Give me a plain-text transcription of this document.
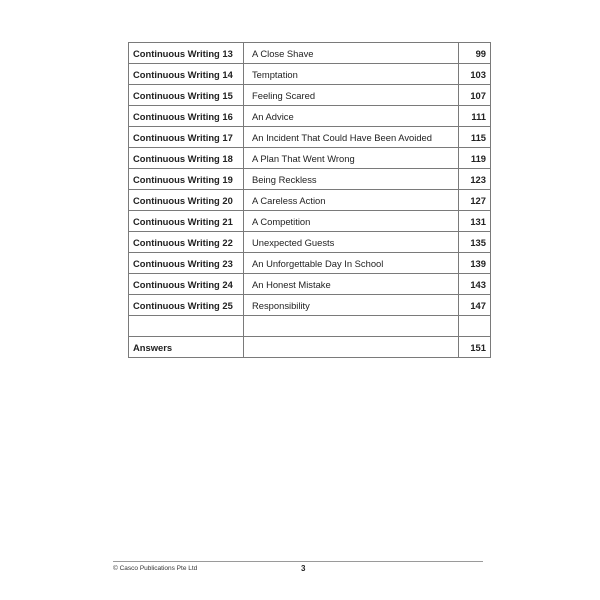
Continuous Writing 13	A Close Shave	99
Continuous Writing 14	Temptation	103
Continuous Writing 15	Feeling Scared	107
Continuous Writing 16	An Advice	111
Continuous Writing 17	An Incident That Could Have Been Avoided	115
Continuous Writing 18	A Plan That Went Wrong	119
Continuous Writing 19	Being Reckless	123
Continuous Writing 20	A Careless Action	127
Continuous Writing 21	A Competition	131
Continuous Writing 22	Unexpected Guests	135
Continuous Writing 23	An Unforgettable Day In School	139
Continuous Writing 24	An Honest Mistake	143
Continuous Writing 25	Responsibility	147

Answers		151
© Casco Publications Pte Ltd	3
